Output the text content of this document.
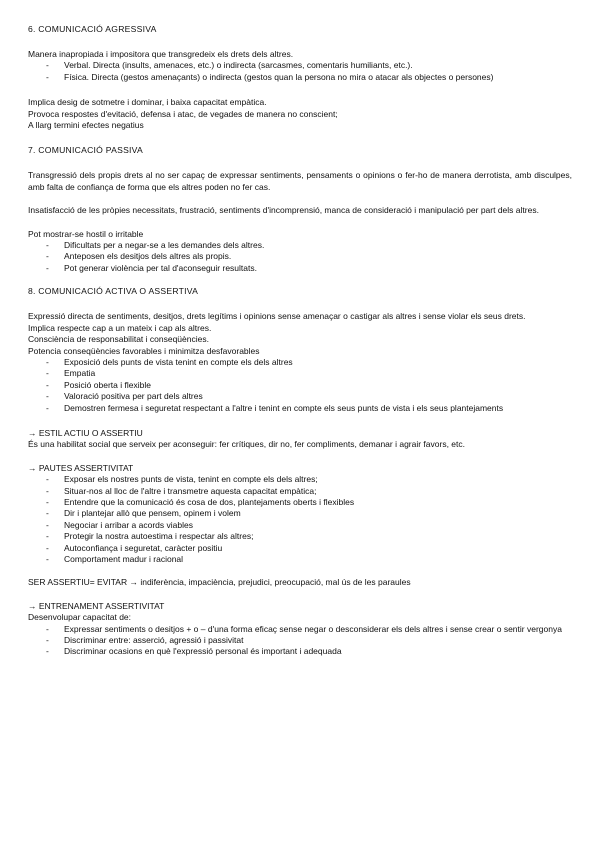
6. COMUNICACIÓ AGRESSIVA

Manera inapropiada i impositora que transgredeix els drets dels altres.

- Verbal. Directa (insults, amenaces, etc.) o indirecta (sarcasmes, comentaris humiliants, etc.).
- Física. Directa (gestos amenaçants) o indirecta (gestos quan la persona no mira o atacar als objectes o persones)

Implica desig de sotmetre i dominar, i baixa capacitat empàtica.

Provoca respostes d'evitació, defensa i atac, de vegades de manera no conscient;

A llarg termini efectes negatius

7. COMUNICACIÓ PASSIVA

Transgressió dels propis drets al no ser capaç de expressar sentiments, pensaments o opinions o fer-ho de manera derrotista, amb disculpes, amb falta de confiança de forma que els altres poden no fer cas.

Insatisfacció de les pròpies necessitats, frustració, sentiments d'incomprensió, manca de consideració i manipulació per part dels altres.

Pot mostrar-se hostil o irritable

- Dificultats per a negar-se a les demandes dels altres.
- Anteposen els desitjos dels altres als propis.
- Pot generar violència per tal d'aconseguir resultats.
8. COMUNICACIÓ ACTIVA O ASSERTIVA

Expressió directa de sentiments, desitjos, drets legítims i opinions sense amenaçar o castigar als altres i sense violar els seus drets.

Implica respecte cap a un mateix i cap als altres.

Consciència de responsabilitat i conseqüències.

Potencia conseqüències favorables i minimitza desfavorables

- Exposició dels punts de vista tenint en compte els dels altres
- Empatia
- Posició oberta i flexible
- Valoració positiva per part dels altres
- Demostren fermesa i seguretat respectant a l'altre i tenint en compte els seus punts de vista i els seus plantejaments

→ ESTIL ACTIU O ASSERTIU

És una habilitat social que serveix per aconseguir: fer crítiques, dir no, fer compliments, demanar i agrair favors, etc.

→ PAUTES ASSERTIVITAT

- Exposar els nostres punts de vista, tenint en compte els dels altres;
- Situar-nos al lloc de l'altre i transmetre aquesta capacitat empàtica;
- Entendre que la comunicació és cosa de dos, plantejaments oberts i flexibles
- Dir i plantejar allò que pensem, opinem i volem
- Negociar i arribar a acords viables
- Protegir la nostra autoestima i respectar als altres;
- Autoconfiança i seguretat, caràcter positiu
- Comportament madur i racional

SER ASSERTIU= EVITAR → indiferència, impaciència, prejudici, preocupació, mal ús de les paraules

→ ENTRENAMENT ASSERTIVITAT

Desenvolupar capacitat de:

- Expressar sentiments o desitjos + o – d'una forma eficaç sense negar o desconsiderar els dels altres i sense crear o sentir vergonya
- Discriminar entre: asserció, agressió i passivitat
- Discriminar ocasions en què l'expressió personal és important i adequada
